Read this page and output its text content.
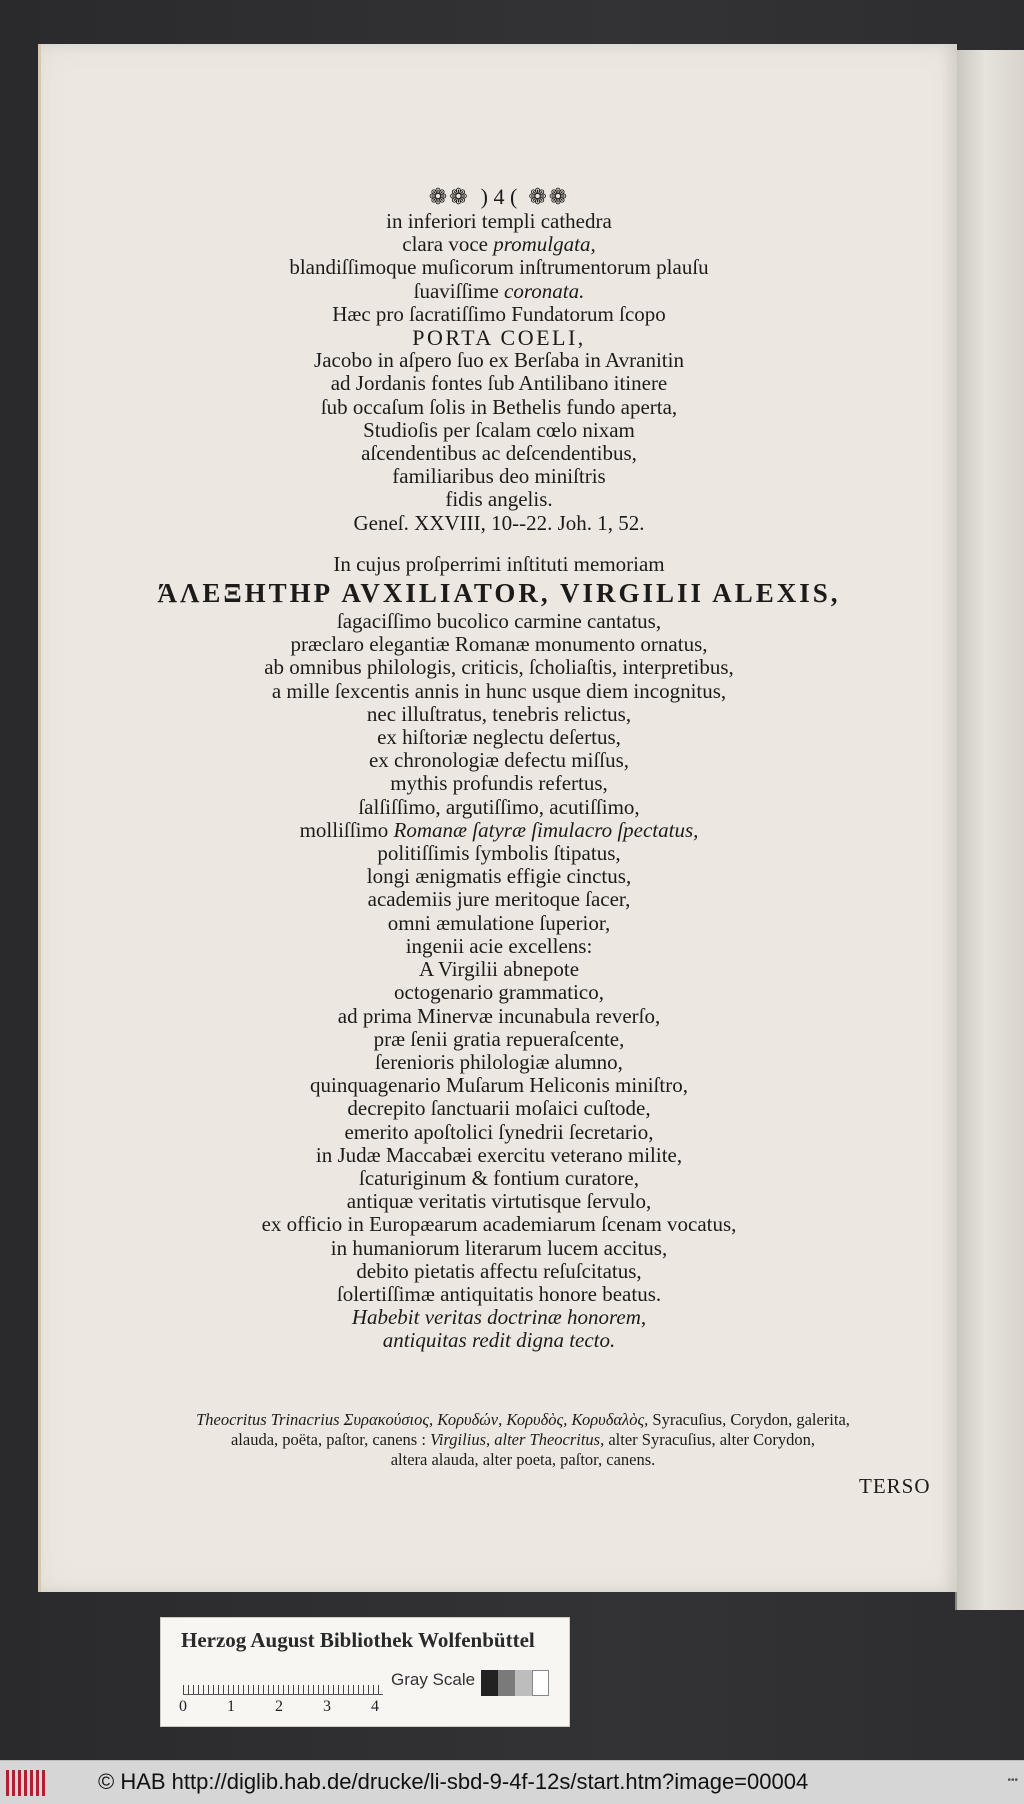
❁❁ ) 4 ( ❁❁
in inferiori templi cathedra
clara voce promulgata,
blandiſſimoque muſicorum inſtrumentorum plauſu
ſuaviſſime coronata.
Hæc pro ſacratiſſimo Fundatorum ſcopo
PORTA COELI,
Jacobo in aſpero ſuo ex Berſaba in Avranitin
ad Jordanis fontes ſub Antilibano itinere
ſub occaſum ſolis in Bethelis fundo aperta,
Studioſis per ſcalam cœlo nixam
aſcendentibus ac deſcendentibus,
familiaribus deo miniſtris
fidis angelis.
Geneſ. XXVIII, 10--22. Joh. 1, 52.
In cujus proſperrimi inſtituti memoriam
ΆΛΕΞΗΤΗΡ AVXILIATOR, VIRGILII ALEXIS,
ſagaciſſimo bucolico carmine cantatus,
præclaro elegantiæ Romanæ monumento ornatus,
ab omnibus philologis, criticis, ſcholiaſtis, interpretibus,
a mille ſexcentis annis in hunc usque diem incognitus,
nec illuſtratus, tenebris relictus,
ex hiſtoriæ neglectu deſertus,
ex chronologiæ defectu miſſus,
mythis profundis refertus,
ſalſiſſimo, argutiſſimo, acutiſſimo,
molliſſimo Romanæ ſatyræ ſimulacro ſpectatus,
politiſſimis ſymbolis ſtipatus,
longi ænigmatis effigie cinctus,
academiis jure meritoque ſacer,
omni æmulatione ſuperior,
ingenii acie excellens:
A Virgilii abnepote
octogenario grammatico,
ad prima Minervæ incunabula reverſo,
præ ſenii gratia repueraſcente,
ſerenioris philologiæ alumno,
quinquagenario Muſarum Heliconis miniſtro,
decrepito ſanctuarii moſaici cuſtode,
emerito apoſtolici ſynedrii ſecretario,
in Judæ Maccabæi exercitu veterano milite,
ſcaturiginum & fontium curatore,
antiquæ veritatis virtutisque ſervulo,
ex officio in Europæarum academiarum ſcenam vocatus,
in humaniorum literarum lucem accitus,
debito pietatis affectu reſuſcitatus,
ſolertiſſimæ antiquitatis honore beatus.
Habebit veritas doctrinæ honorem,
antiquitas redit digna tecto.
Theocritus Trinacrius Συρακούσιος, Κορυδών, Κορυδὸς, Κορυδαλὸς, Syracuſius, Corydon, galerita,
alauda, poëta, paſtor, canens : Virgilius, alter Theocritus, alter Syracuſius, alter Corydon,
altera alauda, alter poeta, paſtor, canens.
TERSO
Herzog August Bibliothek Wolfenbüttel
0	1	2	3	4
Gray Scale
© HAB http://diglib.hab.de/drucke/li-sbd-9-4f-12s/start.htm?image=00004	•••
